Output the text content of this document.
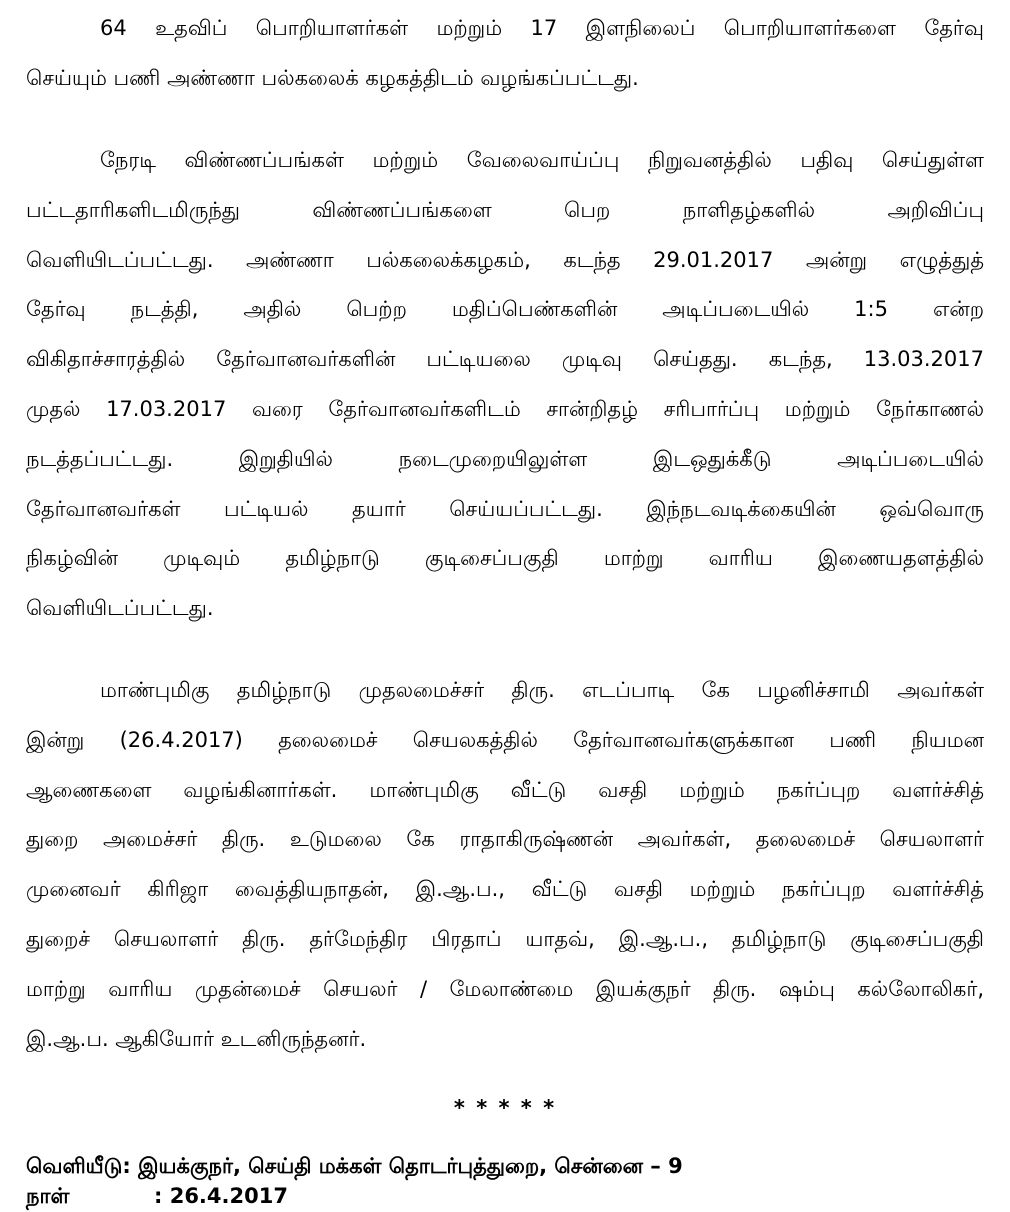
64 உதவிப் பொறியாளர்கள் மற்றும் 17 இளநிலைப் பொறியாளர்களை தேர்வு
செய்யும் பணி அண்ணா பல்கலைக் கழகத்திடம் வழங்கப்பட்டது.
நேரடி விண்ணப்பங்கள் மற்றும் வேலைவாய்ப்பு நிறுவனத்தில் பதிவு செய்துள்ள
பட்டதாரிகளிடமிருந்து விண்ணப்பங்களை பெற நாளிதழ்களில் அறிவிப்பு
வெளியிடப்பட்டது. அண்ணா பல்கலைக்கழகம், கடந்த 29.01.2017 அன்று எழுத்துத்
தேர்வு நடத்தி, அதில் பெற்ற மதிப்பெண்களின் அடிப்படையில் 1:5 என்ற
விகிதாச்சாரத்தில் தேர்வானவர்களின் பட்டியலை முடிவு செய்தது. கடந்த, 13.03.2017
முதல் 17.03.2017 வரை தேர்வானவர்களிடம் சான்றிதழ் சரிபார்ப்பு மற்றும் நேர்காணல்
நடத்தப்பட்டது. இறுதியில் நடைமுறையிலுள்ள இடஒதுக்கீடு அடிப்படையில்
தேர்வானவர்கள் பட்டியல் தயார் செய்யப்பட்டது. இந்நடவடிக்கையின் ஒவ்வொரு
நிகழ்வின் முடிவும் தமிழ்நாடு குடிசைப்பகுதி மாற்று வாரிய இணையதளத்தில்
வெளியிடப்பட்டது.
மாண்புமிகு தமிழ்நாடு முதலமைச்சர் திரு. எடப்பாடி கே பழனிச்சாமி அவர்கள்
இன்று (26.4.2017) தலைமைச் செயலகத்தில் தேர்வானவர்களுக்கான பணி நியமன
ஆணைகளை வழங்கினார்கள். மாண்புமிகு வீட்டு வசதி மற்றும் நகர்ப்புற வளர்ச்சித்
துறை அமைச்சர் திரு. உடுமலை கே ராதாகிருஷ்ணன் அவர்கள், தலைமைச் செயலாளர்
முனைவர் கிரிஜா வைத்தியநாதன், இ.ஆ.ப., வீட்டு வசதி மற்றும் நகர்ப்புற வளர்ச்சித்
துறைச் செயலாளர் திரு. தர்மேந்திர பிரதாப் யாதவ், இ.ஆ.ப., தமிழ்நாடு குடிசைப்பகுதி
மாற்று வாரிய முதன்மைச் செயலர் / மேலாண்மை இயக்குநர் திரு. ஷம்பு கல்லோலிகர்,
இ.ஆ.ப. ஆகியோர் உடனிருந்தனர்.
* * * * *
வெளியீடு: இயக்குநர், செய்தி மக்கள் தொடர்புத்துறை, சென்னை – 9
நாள்	: 26.4.2017
